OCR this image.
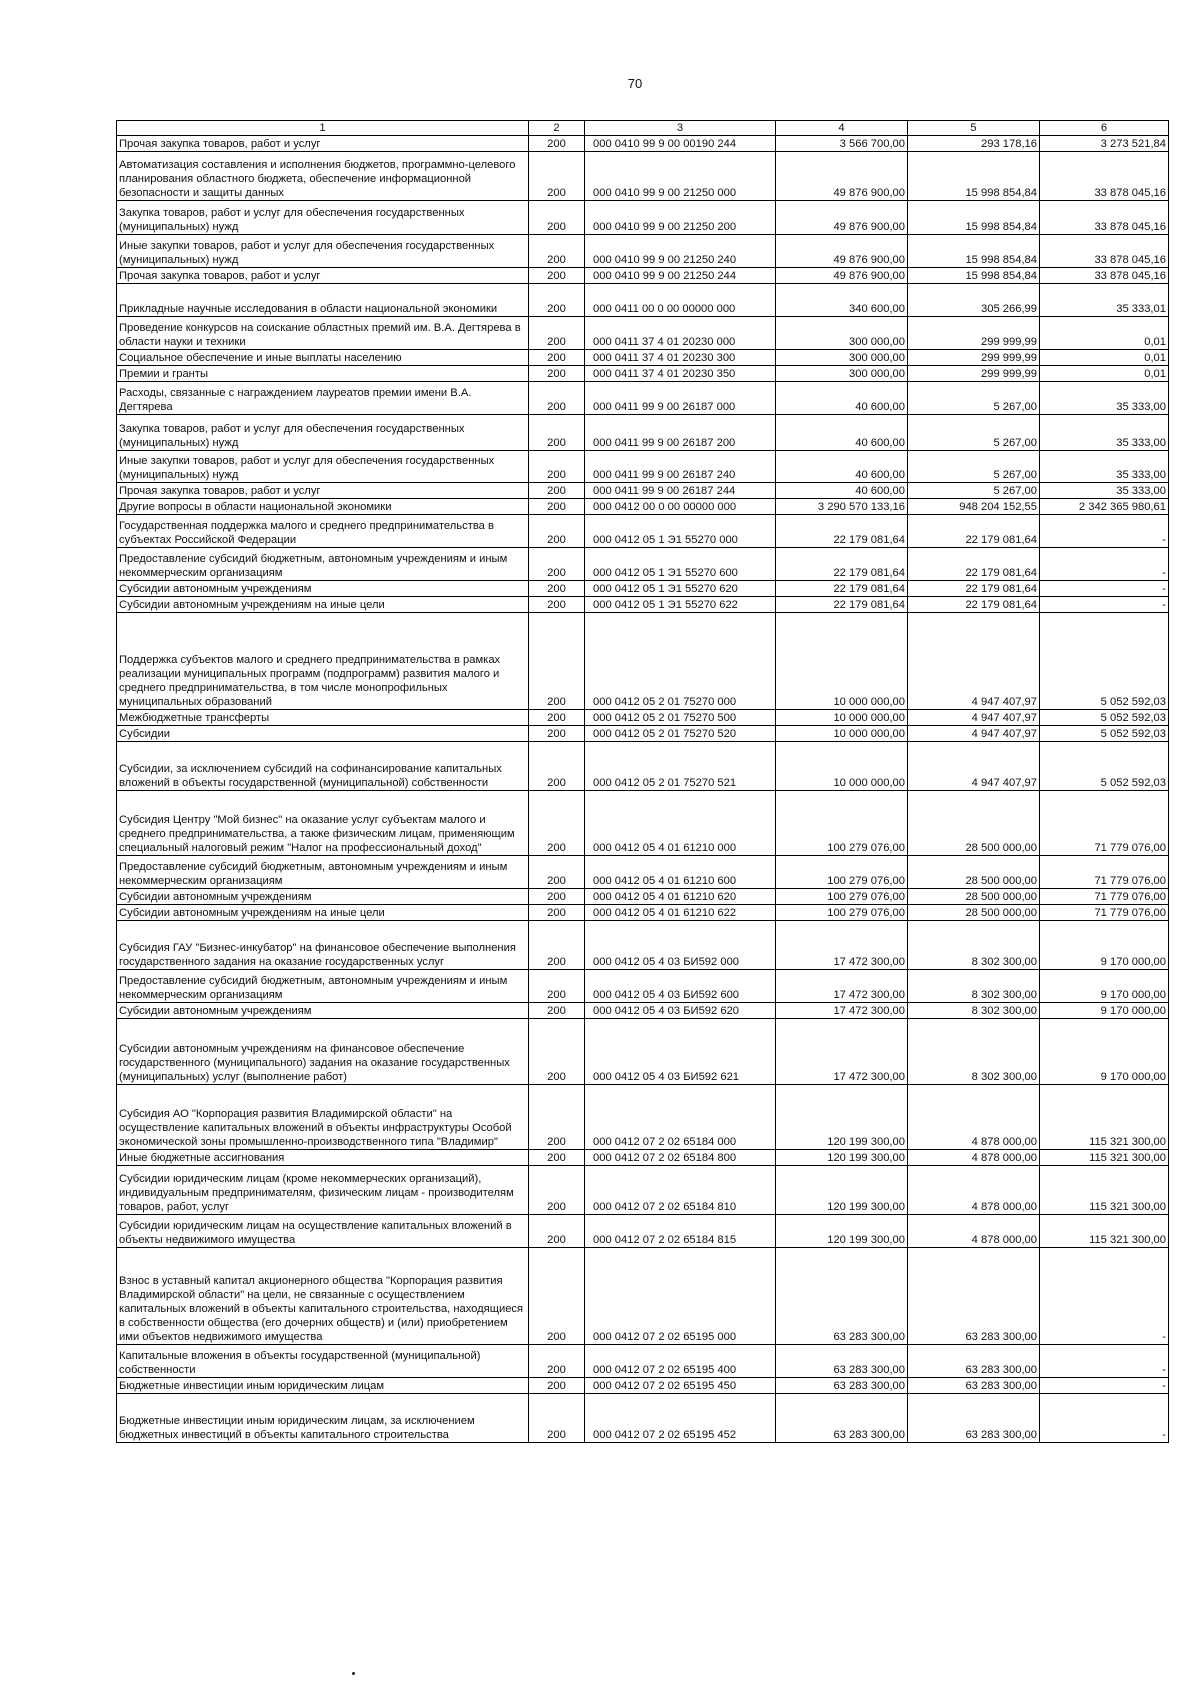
70
1	2	3	4	5	6
Прочая закупка товаров, работ и услуг	200	000 0410 99 9 00 00190 244	3 566 700,00	293 178,16	3 273 521,84
Автоматизация составления и исполнения бюджетов, программно-целевого планирования областного бюджета, обеспечение информационной безопасности и защиты данных	200	000 0410 99 9 00 21250 000	49 876 900,00	15 998 854,84	33 878 045,16
Закупка товаров, работ и услуг для обеспечения государственных (муниципальных) нужд	200	000 0410 99 9 00 21250 200	49 876 900,00	15 998 854,84	33 878 045,16
Иные закупки товаров, работ и услуг для обеспечения государственных (муниципальных) нужд	200	000 0410 99 9 00 21250 240	49 876 900,00	15 998 854,84	33 878 045,16
Прочая закупка товаров, работ и услуг	200	000 0410 99 9 00 21250 244	49 876 900,00	15 998 854,84	33 878 045,16
Прикладные научные исследования в области национальной экономики	200	000 0411 00 0 00 00000 000	340 600,00	305 266,99	35 333,01
Проведение конкурсов на соискание областных премий им. В.А. Дегтярева в области науки и техники	200	000 0411 37 4 01 20230 000	300 000,00	299 999,99	0,01
Социальное обеспечение и иные выплаты населению	200	000 0411 37 4 01 20230 300	300 000,00	299 999,99	0,01
Премии и гранты	200	000 0411 37 4 01 20230 350	300 000,00	299 999,99	0,01
Расходы, связанные с награждением лауреатов премии имени В.А. Дегтярева	200	000 0411 99 9 00 26187 000	40 600,00	5 267,00	35 333,00
Закупка товаров, работ и услуг для обеспечения государственных (муниципальных) нужд	200	000 0411 99 9 00 26187 200	40 600,00	5 267,00	35 333,00
Иные закупки товаров, работ и услуг для обеспечения государственных (муниципальных) нужд	200	000 0411 99 9 00 26187 240	40 600,00	5 267,00	35 333,00
Прочая закупка товаров, работ и услуг	200	000 0411 99 9 00 26187 244	40 600,00	5 267,00	35 333,00
Другие вопросы в области национальной экономики	200	000 0412 00 0 00 00000 000	3 290 570 133,16	948 204 152,55	2 342 365 980,61
Государственная поддержка малого и среднего предпринимательства в субъектах Российской Федерации	200	000 0412 05 1 Э1 55270 000	22 179 081,64	22 179 081,64	-
Предоставление субсидий бюджетным, автономным учреждениям и иным некоммерческим организациям	200	000 0412 05 1 Э1 55270 600	22 179 081,64	22 179 081,64	-
Субсидии автономным учреждениям	200	000 0412 05 1 Э1 55270 620	22 179 081,64	22 179 081,64	-
Субсидии автономным учреждениям на иные цели	200	000 0412 05 1 Э1 55270 622	22 179 081,64	22 179 081,64	-
Поддержка субъектов малого и среднего предпринимательства в рамках реализации муниципальных программ (подпрограмм) развития малого и среднего предпринимательства, в том числе монопрофильных муниципальных образований	200	000 0412 05 2 01 75270 000	10 000 000,00	4 947 407,97	5 052 592,03
Межбюджетные трансферты	200	000 0412 05 2 01 75270 500	10 000 000,00	4 947 407,97	5 052 592,03
Субсидии	200	000 0412 05 2 01 75270 520	10 000 000,00	4 947 407,97	5 052 592,03
Субсидии, за исключением субсидий на софинансирование капитальных вложений в объекты государственной (муниципальной) собственности	200	000 0412 05 2 01 75270 521	10 000 000,00	4 947 407,97	5 052 592,03
Субсидия Центру "Мой бизнес" на оказание услуг субъектам малого и среднего предпринимательства, а также физическим лицам, применяющим специальный налоговый режим "Налог на профессиональный доход"	200	000 0412 05 4 01 61210 000	100 279 076,00	28 500 000,00	71 779 076,00
Предоставление субсидий бюджетным, автономным учреждениям и иным некоммерческим организациям	200	000 0412 05 4 01 61210 600	100 279 076,00	28 500 000,00	71 779 076,00
Субсидии автономным учреждениям	200	000 0412 05 4 01 61210 620	100 279 076,00	28 500 000,00	71 779 076,00
Субсидии автономным учреждениям на иные цели	200	000 0412 05 4 01 61210 622	100 279 076,00	28 500 000,00	71 779 076,00
Субсидия ГАУ "Бизнес-инкубатор" на финансовое обеспечение выполнения государственного задания на оказание государственных услуг	200	000 0412 05 4 03 БИ592 000	17 472 300,00	8 302 300,00	9 170 000,00
Предоставление субсидий бюджетным, автономным учреждениям и иным некоммерческим организациям	200	000 0412 05 4 03 БИ592 600	17 472 300,00	8 302 300,00	9 170 000,00
Субсидии автономным учреждениям	200	000 0412 05 4 03 БИ592 620	17 472 300,00	8 302 300,00	9 170 000,00
Субсидии автономным учреждениям на финансовое обеспечение государственного (муниципального) задания на оказание государственных (муниципальных) услуг (выполнение работ)	200	000 0412 05 4 03 БИ592 621	17 472 300,00	8 302 300,00	9 170 000,00
Субсидия АО "Корпорация развития Владимирской области" на осуществление капитальных вложений в объекты инфраструктуры Особой экономической зоны промышленно-производственного типа "Владимир"	200	000 0412 07 2 02 65184 000	120 199 300,00	4 878 000,00	115 321 300,00
Иные бюджетные ассигнования	200	000 0412 07 2 02 65184 800	120 199 300,00	4 878 000,00	115 321 300,00
Субсидии юридическим лицам (кроме некоммерческих организаций), индивидуальным предпринимателям, физическим лицам - производителям товаров, работ, услуг	200	000 0412 07 2 02 65184 810	120 199 300,00	4 878 000,00	115 321 300,00
Субсидии юридическим лицам на осуществление капитальных вложений в объекты недвижимого имущества	200	000 0412 07 2 02 65184 815	120 199 300,00	4 878 000,00	115 321 300,00
Взнос в уставный капитал акционерного общества "Корпорация развития Владимирской области" на цели, не связанные с осуществлением капитальных вложений в объекты капитального строительства, находящиеся в собственности общества (его дочерних обществ) и (или) приобретением ими объектов недвижимого имущества	200	000 0412 07 2 02 65195 000	63 283 300,00	63 283 300,00	-
Капитальные вложения в объекты государственной (муниципальной) собственности	200	000 0412 07 2 02 65195 400	63 283 300,00	63 283 300,00	-
Бюджетные инвестиции иным юридическим лицам	200	000 0412 07 2 02 65195 450	63 283 300,00	63 283 300,00	-
Бюджетные инвестиции иным юридическим лицам, за исключением бюджетных инвестиций в объекты капитального строительства	200	000 0412 07 2 02 65195 452	63 283 300,00	63 283 300,00	-
